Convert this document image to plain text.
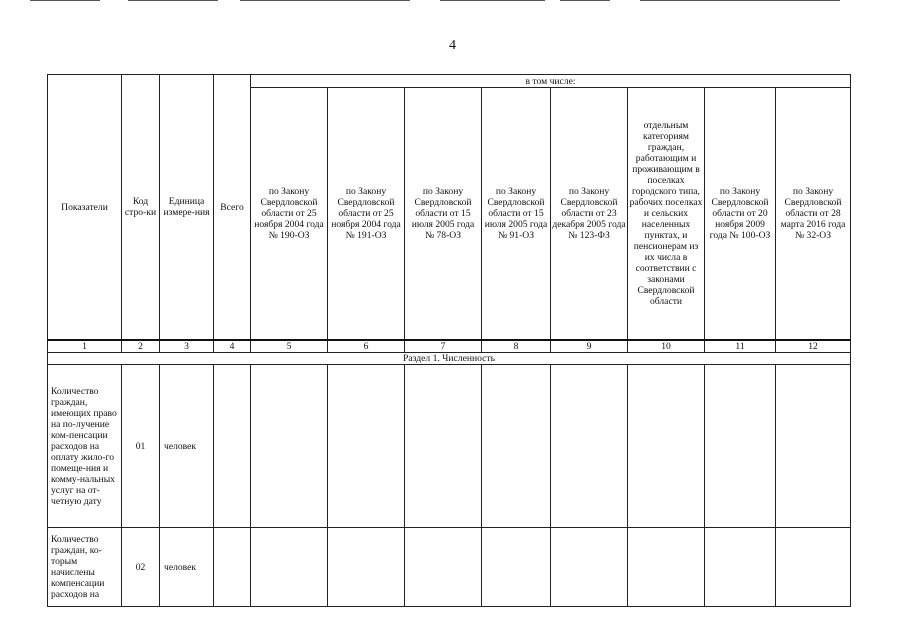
4
Показатели	Код стро-ки	Единица измере-ния	Всего	в том числе:							
				по Закону Свердловской области от 25 ноября 2004 года № 190-ОЗ	по Закону Свердловской области от 25 ноября 2004 года № 191-ОЗ	по Закону Свердловской области от 15 июля 2005 года № 78-ОЗ	по Закону Свердловской области от 15 июля 2005 года № 91-ОЗ	по Закону Свердловской области от 23 декабря 2005 года № 123-ФЗ	отдельным категориям граждан, работающим и проживающим в поселках городского типа, рабочих поселках и сельских населенных пунктах, и пенсионерам из их числа в соответствии с законами Свердловской области	по Закону Свердловской области от 20 ноября 2009 года № 100-ОЗ	по Закону Свердловской области от 28 марта 2016 года № 32-ОЗ
1	2	3	4	5	6	7	8	9	10	11	12
Раздел 1. Численность											
Количество граждан, имеющих право на по-лучение ком-пенсации расходов на оплату жило-го помеще-ния и комму-нальных услуг на от-четную дату	01	человек									
Количество граждан, ко-торым начислены компенсации расходов на	02	человек									
